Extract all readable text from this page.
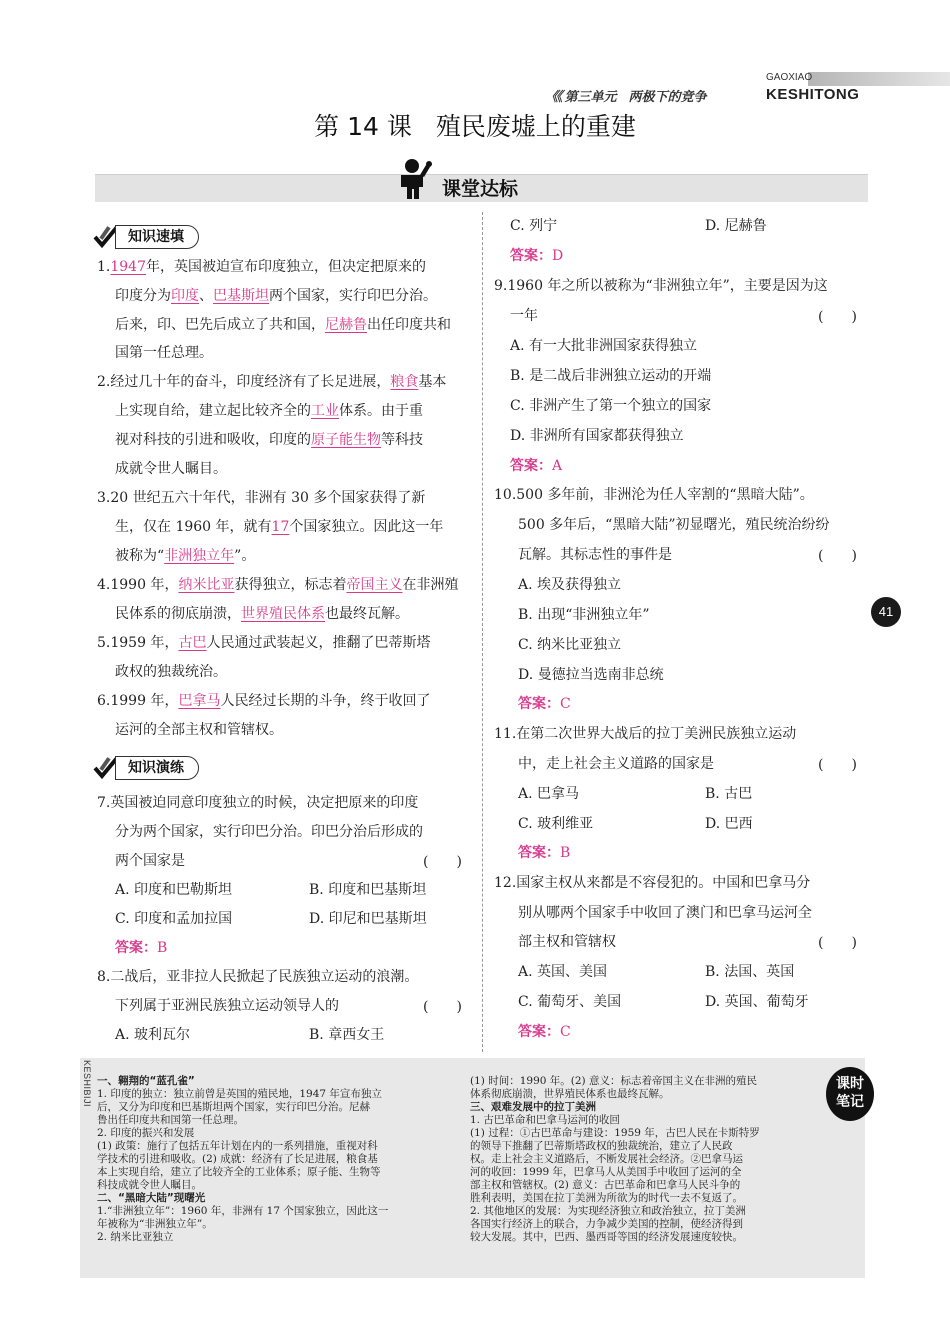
《《 第三单元 两极下的竞争
GAOXIAO
KESHITONG
第 14 课 殖民废墟上的重建
课堂达标
知识速填
1.1947年，英国被迫宣布印度独立，但决定把原来的
印度分为印度、巴基斯坦两个国家，实行印巴分治。
后来，印、巴先后成立了共和国，尼赫鲁出任印度共和
国第一任总理。
2.经过几十年的奋斗，印度经济有了长足进展，粮食基本
上实现自给，建立起比较齐全的工业体系。由于重
视对科技的引进和吸收，印度的原子能生物等科技
成就令世人瞩目。
3.20 世纪五六十年代，非洲有 30 多个国家获得了新
生，仅在 1960 年，就有17个国家独立。因此这一年
被称为“非洲独立年”。
4.1990 年，纳米比亚获得独立，标志着帝国主义在非洲殖
民体系的彻底崩溃，世界殖民体系也最终瓦解。
5.1959 年，古巴人民通过武装起义，推翻了巴蒂斯塔
政权的独裁统治。
6.1999 年，巴拿马人民经过长期的斗争，终于收回了
运河的全部主权和管辖权。
知识演练
7.英国被迫同意印度独立的时候，决定把原来的印度
分为两个国家，实行印巴分治。印巴分治后形成的
两个国家是	(　　)
A. 印度和巴勒斯坦	B. 印度和巴基斯坦
C. 印度和孟加拉国	D. 印尼和巴基斯坦
答案：B
8.二战后，亚非拉人民掀起了民族独立运动的浪潮。
下列属于亚洲民族独立运动领导人的	(　　)
A. 玻利瓦尔	B. 章西女王
C. 列宁	D. 尼赫鲁
答案：D
9.1960 年之所以被称为“非洲独立年”，主要是因为这
一年	(　　)
A. 有一大批非洲国家获得独立
B. 是二战后非洲独立运动的开端
C. 非洲产生了第一个独立的国家
D. 非洲所有国家都获得独立
答案：A
10.500 多年前，非洲沦为任人宰割的“黑暗大陆”。
500 多年后，“黑暗大陆”初显曙光，殖民统治纷纷
瓦解。其标志性的事件是	(　　)
A. 埃及获得独立
B. 出现“非洲独立年”
C. 纳米比亚独立
D. 曼德拉当选南非总统
答案：C
11.在第二次世界大战后的拉丁美洲民族独立运动
中，走上社会主义道路的国家是	(　　)
A. 巴拿马	B. 古巴
C. 玻利维亚	D. 巴西
答案：B
12.国家主权从来都是不容侵犯的。中国和巴拿马分
别从哪两个国家手中收回了澳门和巴拿马运河全
部主权和管辖权	(　　)
A. 英国、美国	B. 法国、英国
C. 葡萄牙、美国	D. 英国、葡萄牙
答案：C
41
KESHIBIJI	课时
笔记
一、翱翔的“蓝孔雀”
1. 印度的独立：独立前曾是英国的殖民地，1947 年宣布独立
后，又分为印度和巴基斯坦两个国家，实行印巴分治。尼赫
鲁出任印度共和国第一任总理。
2. 印度的振兴和发展
(1) 政策：施行了包括五年计划在内的一系列措施，重视对科
学技术的引进和吸收。(2) 成就：经济有了长足进展，粮食基
本上实现自给，建立了比较齐全的工业体系；原子能、生物等
科技成就令世人瞩目。
二、“黑暗大陆”现曙光
1.“非洲独立年”：1960 年，非洲有 17 个国家独立，因此这一
年被称为“非洲独立年”。
2. 纳米比亚独立
(1) 时间：1990 年。(2) 意义：标志着帝国主义在非洲的殖民
体系彻底崩溃，世界殖民体系也最终瓦解。
三、艰难发展中的拉丁美洲
1. 古巴革命和巴拿马运河的收回
(1) 过程：①古巴革命与建设：1959 年，古巴人民在卡斯特罗
的领导下推翻了巴蒂斯塔政权的独裁统治，建立了人民政
权。走上社会主义道路后，不断发展社会经济。②巴拿马运
河的收回：1999 年，巴拿马人从美国手中收回了运河的全
部主权和管辖权。(2) 意义：古巴革命和巴拿马人民斗争的
胜利表明，美国在拉丁美洲为所欲为的时代一去不复返了。
2. 其他地区的发展：为实现经济独立和政治独立，拉丁美洲
各国实行经济上的联合，力争减少美国的控制，使经济得到
较大发展。其中，巴西、墨西哥等国的经济发展速度较快。
